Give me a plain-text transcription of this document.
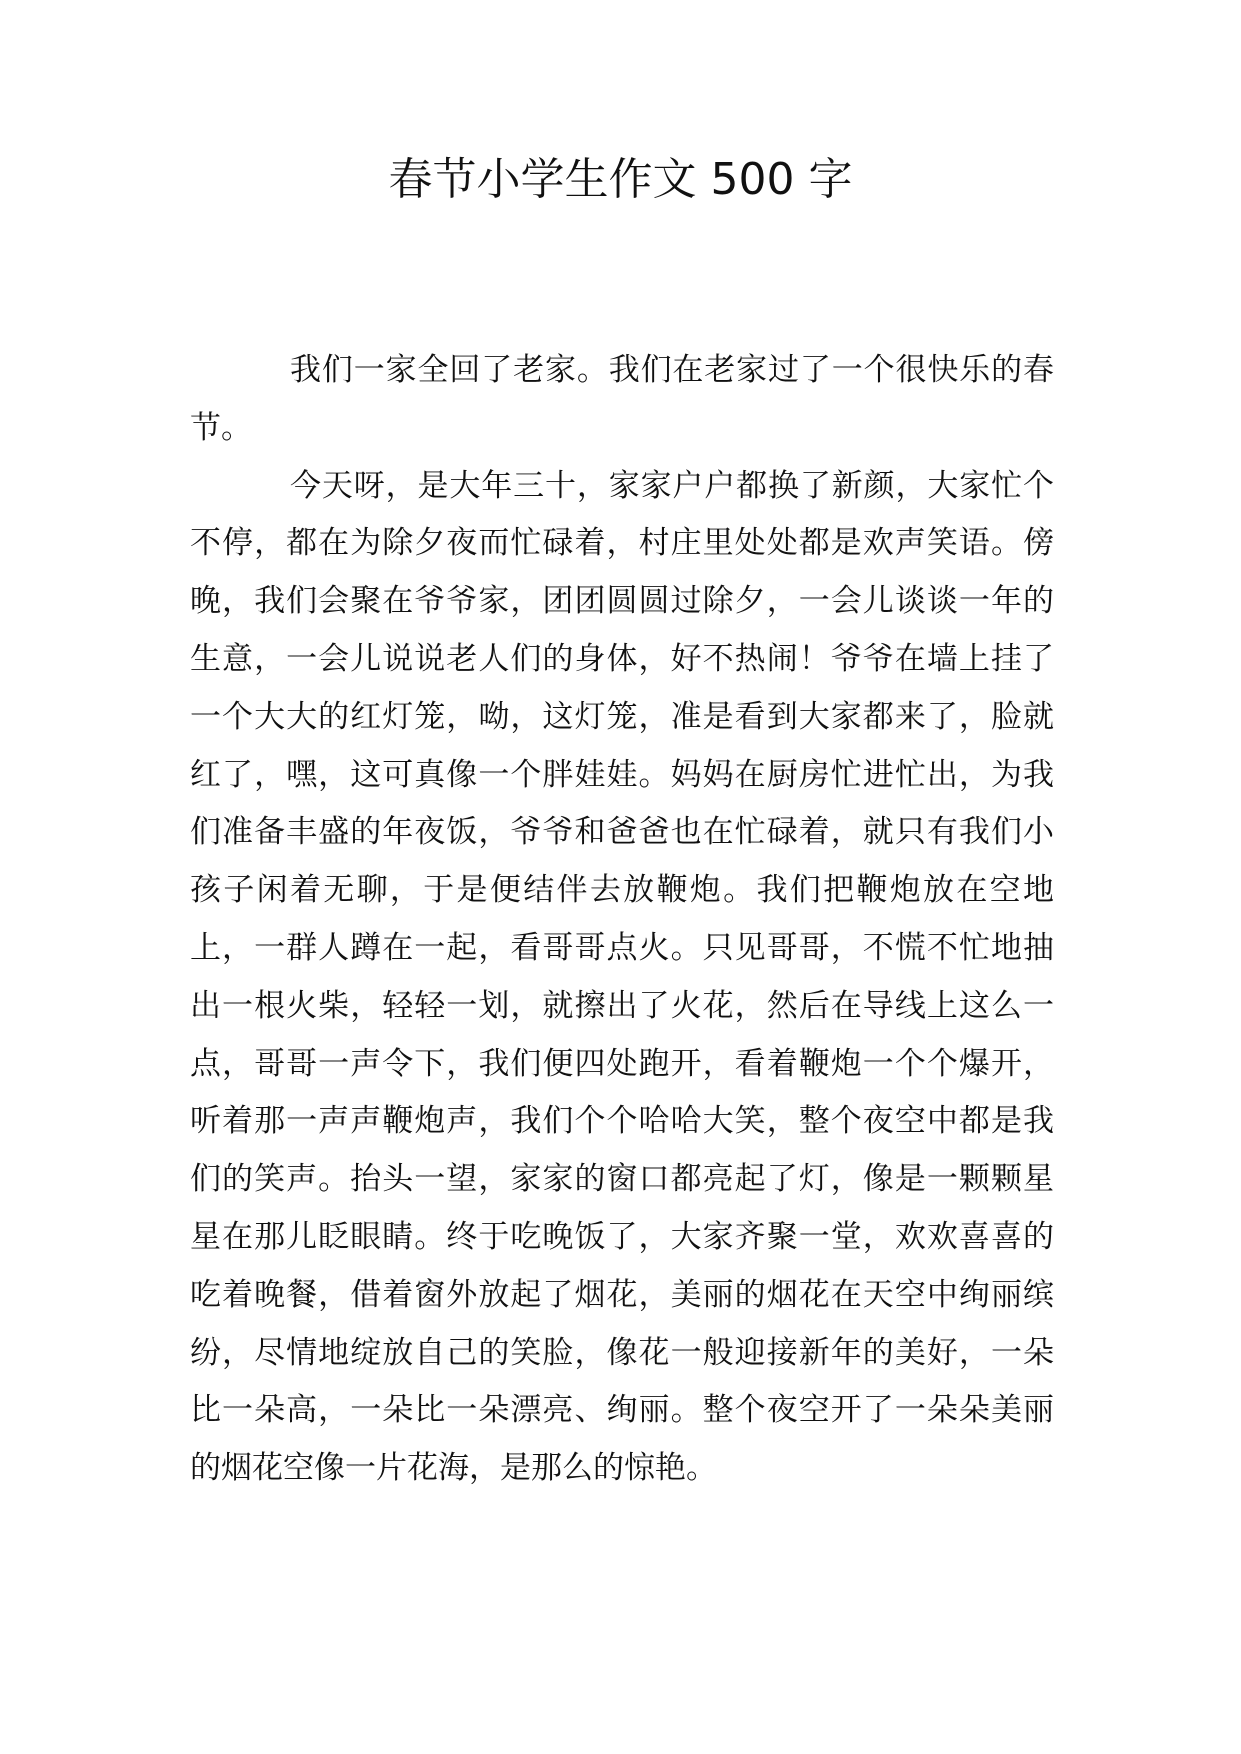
春节小学生作文 500 字

我们一家全回了老家。我们在老家过了一个很快乐的春节。

今天呀，是大年三十，家家户户都换了新颜，大家忙个不停，都在为除夕夜而忙碌着，村庄里处处都是欢声笑语。傍晚，我们会聚在爷爷家，团团圆圆过除夕，一会儿谈谈一年的生意，一会儿说说老人们的身体，好不热闹！爷爷在墙上挂了一个大大的红灯笼，呦，这灯笼，准是看到大家都来了，脸就红了，嘿，这可真像一个胖娃娃。妈妈在厨房忙进忙出，为我们准备丰盛的年夜饭，爷爷和爸爸也在忙碌着，就只有我们小孩子闲着无聊，于是便结伴去放鞭炮。我们把鞭炮放在空地上，一群人蹲在一起，看哥哥点火。只见哥哥，不慌不忙地抽出一根火柴，轻轻一划，就擦出了火花，然后在导线上这么一点，哥哥一声令下，我们便四处跑开，看着鞭炮一个个爆开，听着那一声声鞭炮声，我们个个哈哈大笑，整个夜空中都是我们的笑声。抬头一望，家家的窗口都亮起了灯，像是一颗颗星星在那儿眨眼睛。终于吃晚饭了，大家齐聚一堂，欢欢喜喜的吃着晚餐，借着窗外放起了烟花，美丽的烟花在天空中绚丽缤纷，尽情地绽放自己的笑脸，像花一般迎接新年的美好，一朵比一朵高，一朵比一朵漂亮、绚丽。整个夜空开了一朵朵美丽的烟花空像一片花海，是那么的惊艳。
